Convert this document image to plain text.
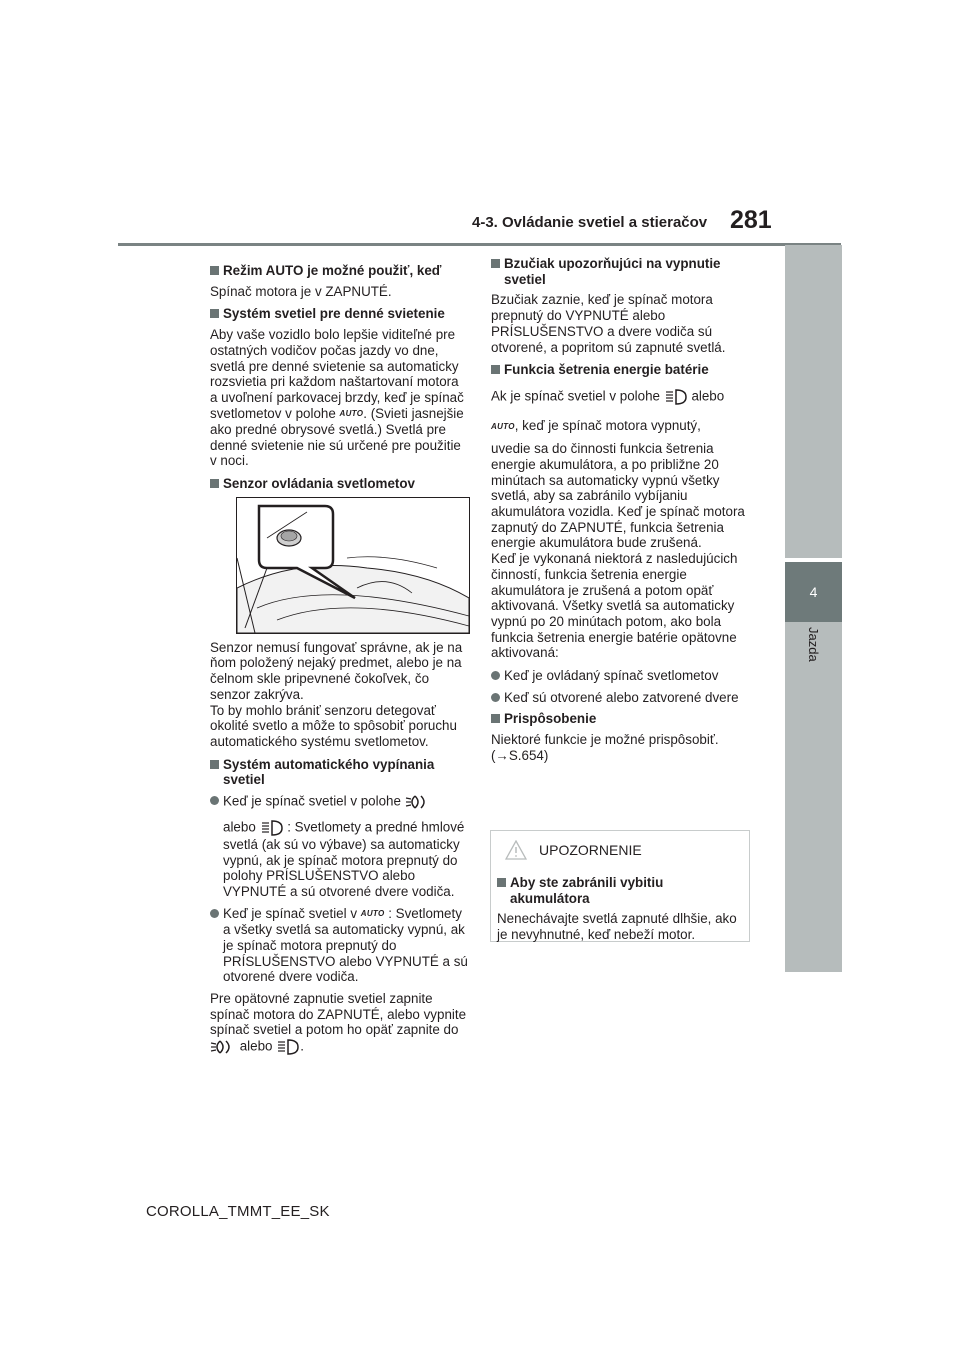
4-3. Ovládanie svetiel a stieračov 281
4
Jazda
Režim AUTO je možné použiť, keď

Spínač motora je v ZAPNUTÉ.

Systém svetiel pre denné svietenie

Aby vaše vozidlo bolo lepšie viditeľné pre ostatných vodičov počas jazdy vo dne, svetlá pre denné svietenie sa automaticky rozsvietia pri každom naštartovaní motora a uvoľnení parkovacej brzdy, keď je spínač svetlometov v polohe AUTO. (Svieti jasnejšie ako predné obrysové svetlá.) Svetlá pre denné svietenie nie sú určené pre použitie v noci.

Senzor ovládania svetlometov

Senzor nemusí fungovať správne, ak je na ňom položený nejaký predmet, alebo je na čelnom skle pripevnené čokoľvek, čo senzor zakrýva.

To by mohlo brániť senzoru detegovať okolité svetlo a môže to spôsobiť poruchu automatického systému svetlometov.

Systém automatického vypínania svetiel
Keď je spínač svetiel v polohe
alebo : Svetlomety a predné hmlové svetlá (ak sú vo výbave) sa automaticky vypnú, ak je spínač motora prepnutý do polohy PRÍSLUŠENSTVO alebo VYPNUTÉ a sú otvorené dvere vodiča.
Keď je spínač svetiel v AUTO : Svetlomety a všetky svetlá sa automaticky vypnú, ak je spínač motora prepnutý do PRÍSLUŠENSTVO alebo VYPNUTÉ a sú otvorené dvere vodiča.

Pre opätovné zapnutie svetiel zapnite spínač motora do ZAPNUTÉ, alebo vypnite spínač svetiel a potom ho opäť zapnite do  alebo .

Bzučiak upozorňujúci na vypnutie svetiel

Bzučiak zaznie, keď je spínač motora prepnutý do VYPNUTÉ alebo PRÍSLUŠENSTVO a dvere vodiča sú otvorené, a popritom sú zapnuté svetlá.

Funkcia šetrenia energie batérie

Ak je spínač svetiel v polohe alebo

AUTO, keď je spínač motora vypnutý,

uvedie sa do činnosti funkcia šetrenia energie akumulátora, a po približne 20 minútach sa automaticky vypnú všetky svetlá, aby sa zabránilo vybíjaniu akumulátora vozidla. Keď je spínač motora zapnutý do ZAPNUTÉ, funkcia šetrenia energie akumulátora bude zrušená.

Keď je vykonaná niektorá z nasledujúcich činností, funkcia šetrenia energie akumulátora je zrušená a potom opäť aktivovaná. Všetky svetlá sa automaticky vypnú po 20 minútach potom, ako bola funkcia šetrenia energie batérie opätovne aktivovaná:

Keď je ovládaný spínač svetlometov
Keď sú otvorené alebo zatvorené dvere
Prispôsobenie

Niektoré funkcie je možné prispôsobiť.

(→S.654)

UPOZORNENIE
Aby ste zabránili vybitiu akumulátora

Nenechávajte svetlá zapnuté dlhšie, ako je nevyhnutné, keď nebeží motor.

COROLLA_TMMT_EE_SK
